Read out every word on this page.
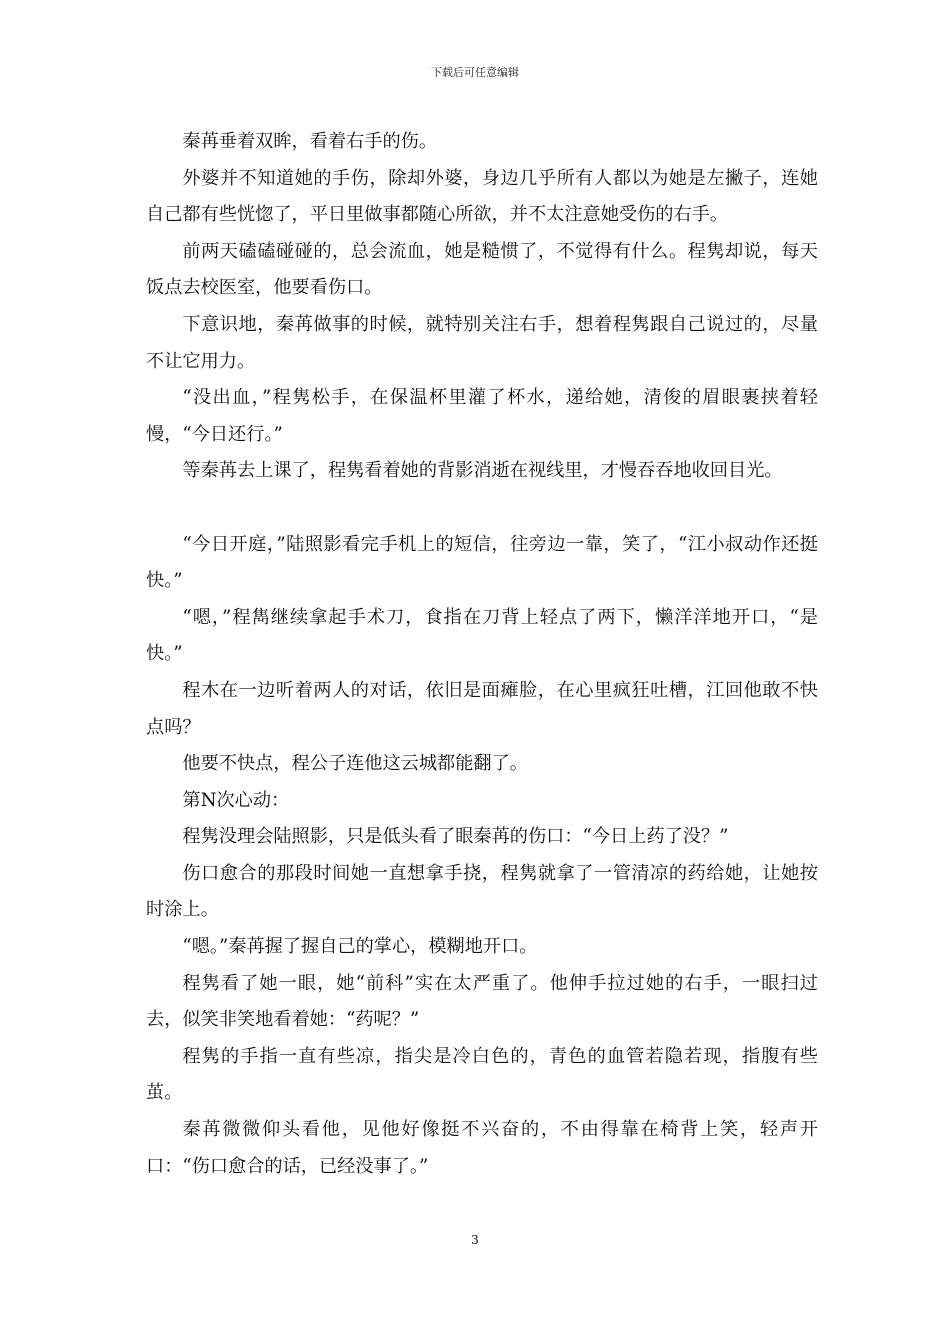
下载后可任意编辑

秦苒垂着双眸，看着右手的伤。

外婆并不知道她的手伤，除却外婆，身边几乎所有人都以为她是左撇子，连她自己都有些恍惚了，平日里做事都随心所欲，并不太注意她受伤的右手。

前两天磕磕碰碰的，总会流血，她是糙惯了，不觉得有什么。程隽却说，每天饭点去校医室，他要看伤口。

下意识地，秦苒做事的时候，就特别关注右手，想着程隽跟自己说过的，尽量不让它用力。

“没出血，”程隽松手，在保温杯里灌了杯水，递给她，清俊的眉眼裹挟着轻慢，“今日还行。”

等秦苒去上课了，程隽看着她的背影消逝在视线里，才慢吞吞地收回目光。

“今日开庭，”陆照影看完手机上的短信，往旁边一靠，笑了，“江小叔动作还挺快。”

“嗯，”程雋继续拿起手术刀，食指在刀背上轻点了两下，懒洋洋地开口，“是快。”

程木在一边听着两人的对话，依旧是面瘫脸，在心里疯狂吐槽，江回他敢不快点吗？

他要不快点，程公子连他这云城都能翻了。

第N次心动：

程隽没理会陆照影，只是低头看了眼秦苒的伤口：“今日上药了没？”

伤口愈合的那段时间她一直想拿手挠，程隽就拿了一管清凉的药给她，让她按时涂上。

“嗯。”秦苒握了握自己的掌心，模糊地开口。

程隽看了她一眼，她“前科”实在太严重了。他伸手拉过她的右手，一眼扫过去，似笑非笑地看着她：“药呢？”

程隽的手指一直有些凉，指尖是冷白色的，青色的血管若隐若现，指腹有些茧。

秦苒微微仰头看他，见他好像挺不兴奋的，不由得靠在椅背上笑，轻声开口：“伤口愈合的话，已经没事了。”

3
